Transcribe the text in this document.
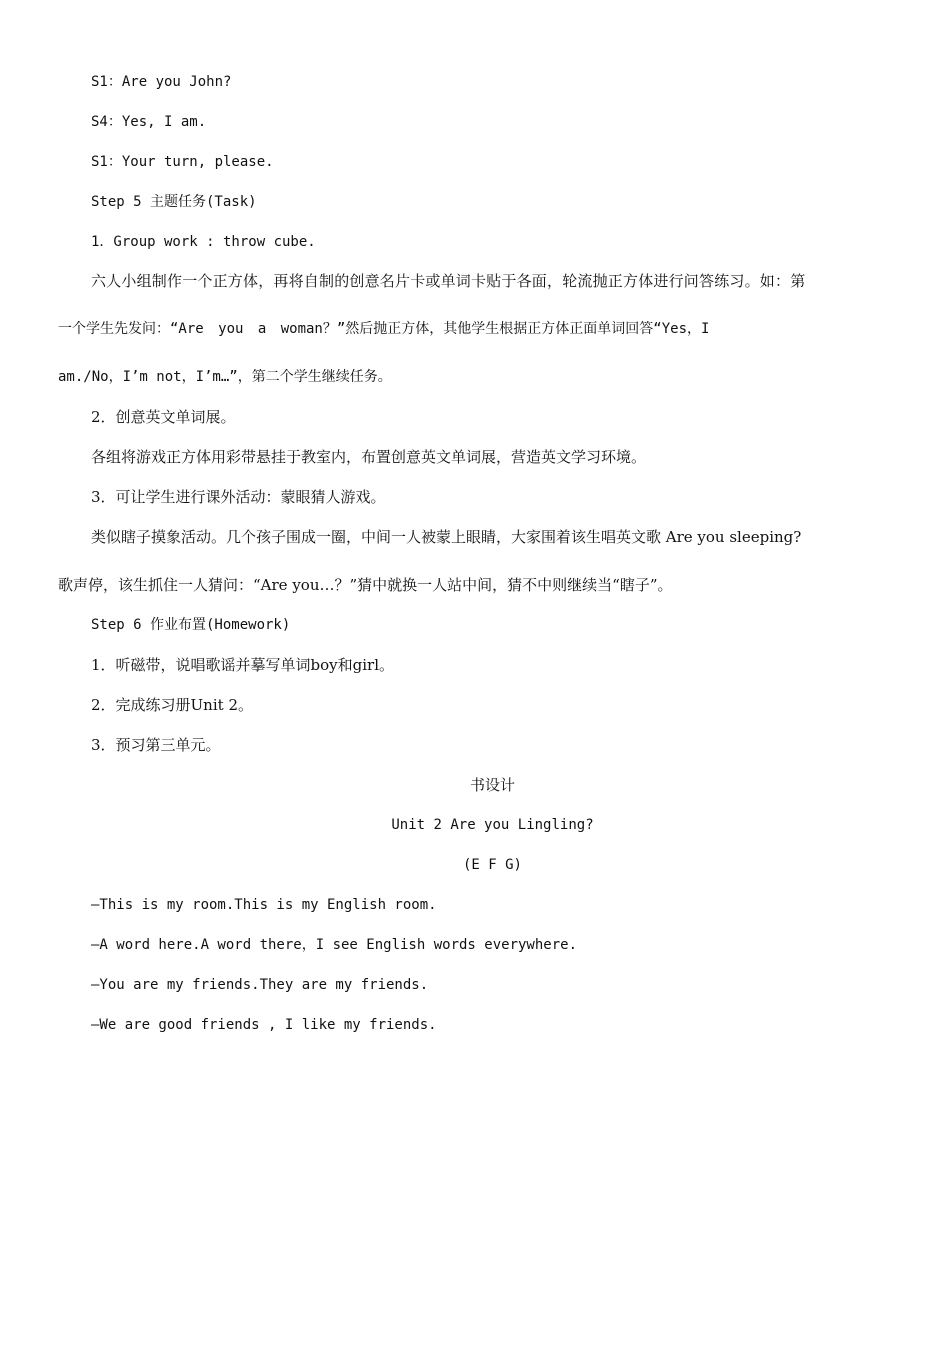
S1：Are you John?
S4：Yes, I am.
S1：Your turn, please.
Step 5 主题任务(Task)
1．Group work : throw cube.
六人小组制作一个正方体，再将自制的创意名片卡或单词卡贴于各面，轮流抛正方体进行问答练习。如：第
一个学生先发问：“Are you a woman？”然后抛正方体，其他学生根据正方体正面单词回答“Yes，I
am./No，I’m not，I’m…”，第二个学生继续任务。
2．创意英文单词展。
各组将游戏正方体用彩带悬挂于教室内，布置创意英文单词展，营造英文学习环境。
3．可让学生进行课外活动：蒙眼猜人游戏。
类似瞎子摸象活动。几个孩子围成一圈，中间一人被蒙上眼睛，大家围着该生唱英文歌 Are you sleeping?
歌声停，该生抓住一人猜问：“Are you…？”猜中就换一人站中间，猜不中则继续当“瞎子”。
Step 6 作业布置(Homework)
1．听磁带，说唱歌谣并摹写单词boy和girl。
2．完成练习册Unit 2。
3．预习第三单元。
书设计
Unit 2 Are you Lingling?
(E F G)
—This is my room.This is my English room.
—A word here.A word there，I see English words everywhere.
—You are my friends.They are my friends.
—We are good friends , I like my friends.
